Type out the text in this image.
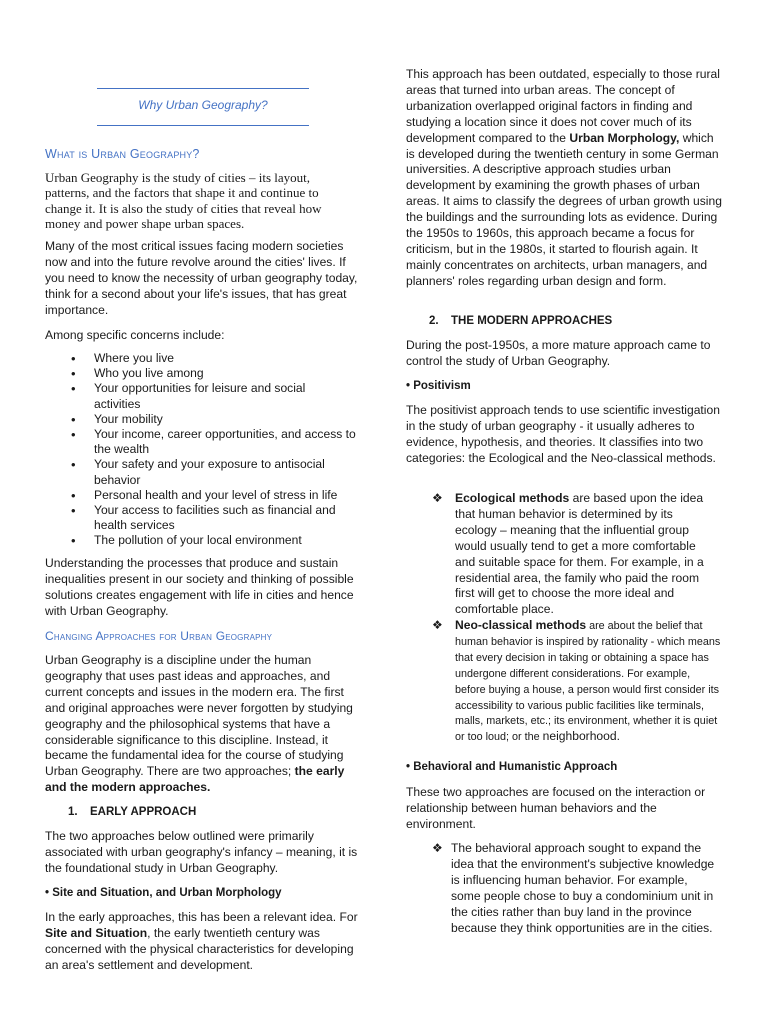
Why Urban Geography?

What is Urban Geography?

Urban Geography is the study of cities – its layout, patterns, and the factors that shape it and continue to change it. It is also the study of cities that reveal how money and power shape urban spaces.

Many of the most critical issues facing modern societies now and into the future revolve around the cities' lives. If you need to know the necessity of urban geography today, think for a second about your life's issues, that has great importance.

Among specific concerns include:

• Where you live
• Who you live among
• Your opportunities for leisure and social activities
• Your mobility
• Your income, career opportunities, and access to the wealth
• Your safety and your exposure to antisocial behavior
• Personal health and your level of stress in life
• Your access to facilities such as financial and health services
• The pollution of your local environment

Understanding the processes that produce and sustain inequalities present in our society and thinking of possible solutions creates engagement with life in cities and hence with Urban Geography.

Changing Approaches for Urban Geography

Urban Geography is a discipline under the human geography that uses past ideas and approaches, and current concepts and issues in the modern era. The first and original approaches were never forgotten by studying geography and the philosophical systems that have a considerable significance to this discipline. Instead, it became the fundamental idea for the course of studying Urban Geography. There are two approaches; the early and the modern approaches.

1. EARLY APPROACH

The two approaches below outlined were primarily associated with urban geography's infancy – meaning, it is the foundational study in Urban Geography.

• Site and Situation, and Urban Morphology

In the early approaches, this has been a relevant idea. For Site and Situation, the early twentieth century was concerned with the physical characteristics for developing an area's settlement and development.

This approach has been outdated, especially to those rural areas that turned into urban areas. The concept of urbanization overlapped original factors in finding and studying a location since it does not cover much of its development compared to the Urban Morphology, which is developed during the twentieth century in some German universities. A descriptive approach studies urban development by examining the growth phases of urban areas. It aims to classify the degrees of urban growth using the buildings and the surrounding lots as evidence. During the 1950s to 1960s, this approach became a focus for criticism, but in the 1980s, it started to flourish again. It mainly concentrates on architects, urban managers, and planners' roles regarding urban design and form.

2. THE MODERN APPROACHES

During the post-1950s, a more mature approach came to control the study of Urban Geography.

• Positivism

The positivist approach tends to use scientific investigation in the study of urban geography - it usually adheres to evidence, hypothesis, and theories. It classifies into two categories: the Ecological and the Neo-classical methods.

❖ Ecological methods are based upon the idea that human behavior is determined by its ecology – meaning that the influential group would usually tend to get a more comfortable and suitable space for them. For example, in a residential area, the family who paid the room first will get to choose the more ideal and comfortable place.

❖ Neo-classical methods are about the belief that human behavior is inspired by rationality - which means that every decision in taking or obtaining a space has undergone different considerations. For example, before buying a house, a person would first consider its accessibility to various public facilities like terminals, malls, markets, etc.; its environment, whether it is quiet or too loud; or the neighborhood.

• Behavioral and Humanistic Approach

These two approaches are focused on the interaction or relationship between human behaviors and the environment.

❖ The behavioral approach sought to expand the idea that the environment's subjective knowledge is influencing human behavior. For example, some people chose to buy a condominium unit in the cities rather than buy land in the province because they think opportunities are in the cities.
